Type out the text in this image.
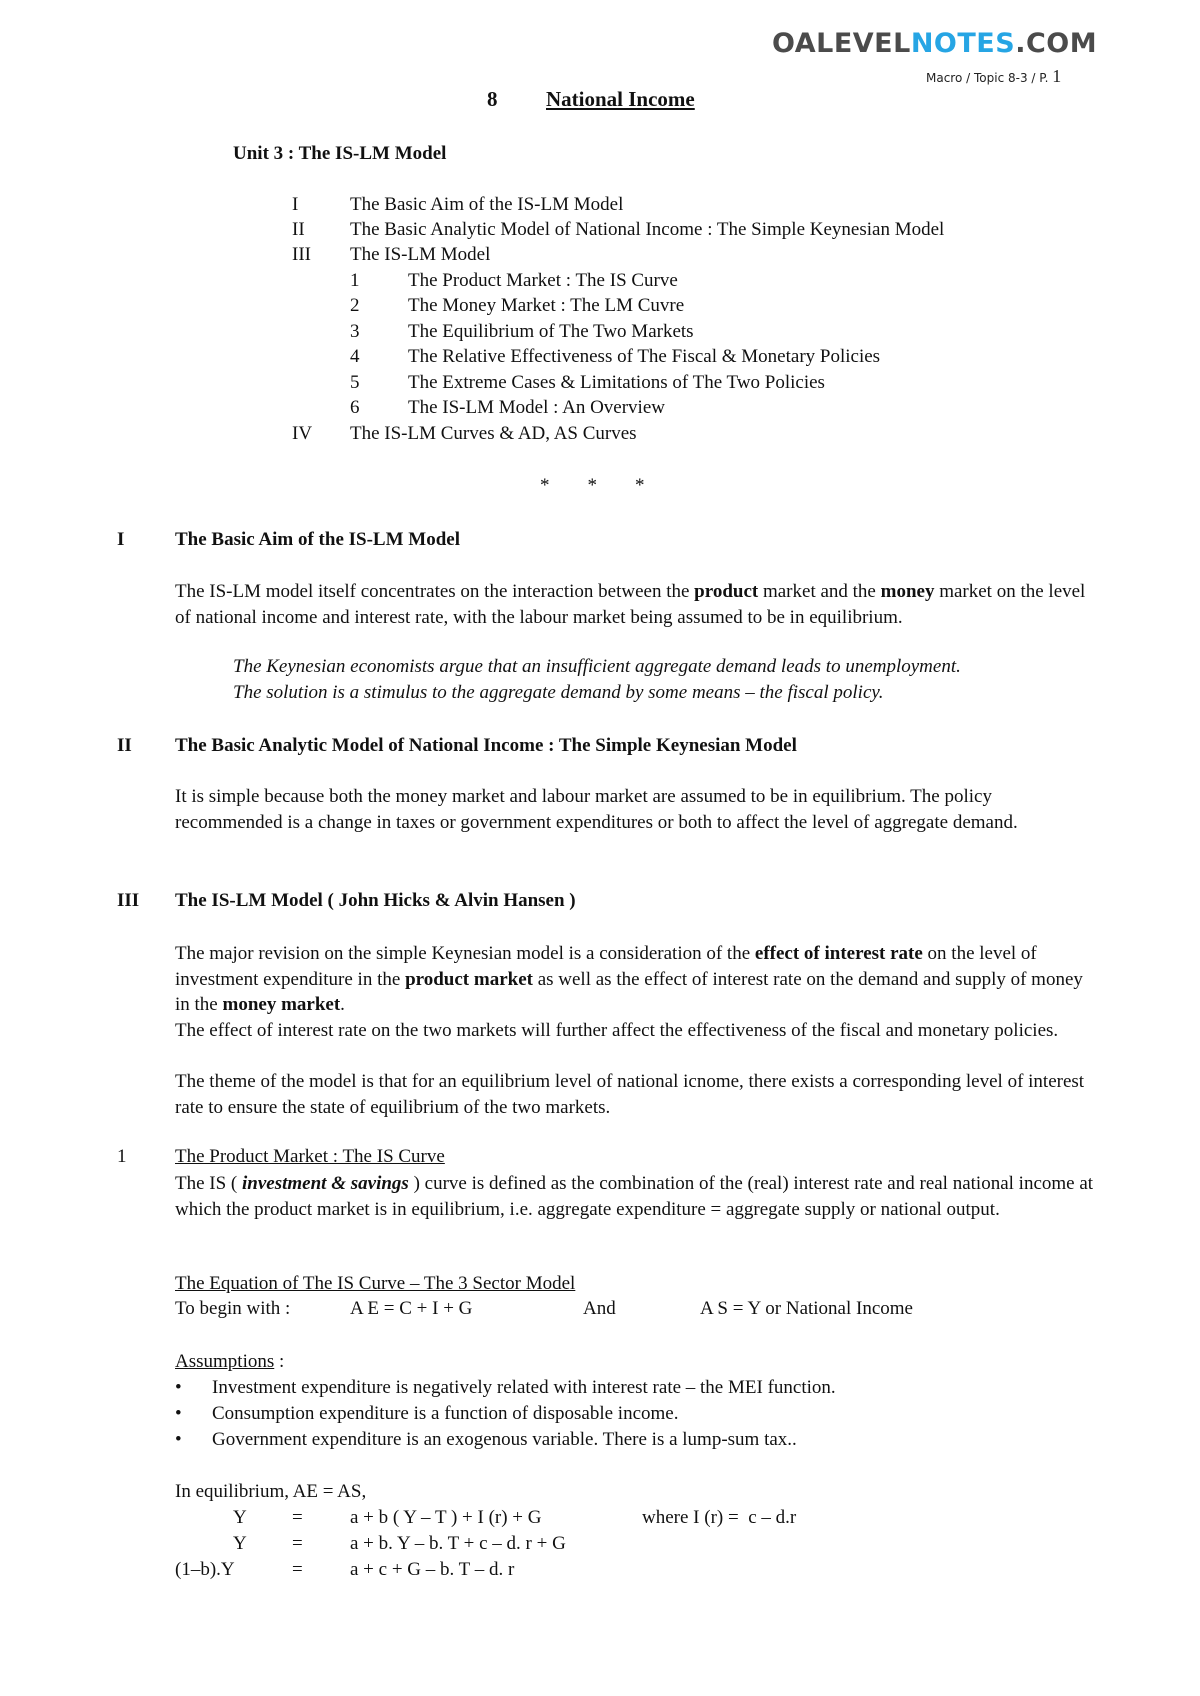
OALEVELNOTES.COM
Macro / Topic 8-3 / P. 1
8 National Income
Unit 3 : The IS-LM Model
I	The Basic Aim of the IS-LM Model
II The Basic Analytic Model of National Income : The Simple Keynesian Model
III The IS-LM Model
1	The Product Market : The IS Curve
2	The Money Market : The LM Cuvre
3	The Equilibrium of The Two Markets
4	The Relative Effectiveness of The Fiscal & Monetary Policies
5	The Extreme Cases & Limitations of The Two Policies
6	The IS-LM Model : An Overview
IV The IS-LM Curves & AD, AS Curves
*        *        *
I	The Basic Aim of the IS-LM Model
The IS-LM model itself concentrates on the interaction between the product market and the money market on the level of national income and interest rate, with the labour market being assumed to be in equilibrium.
The Keynesian economists argue that an insufficient aggregate demand leads to unemployment.
The solution is a stimulus to the aggregate demand by some means – the fiscal policy.
II The Basic Analytic Model of National Income : The Simple Keynesian Model
It is simple because both the money market and labour market are assumed to be in equilibrium. The policy recommended is a change in taxes or government expenditures or both to affect the level of aggregate demand.
III The IS-LM Model ( John Hicks & Alvin Hansen )
The major revision on the simple Keynesian model is a consideration of the effect of interest rate on the level of investment expenditure in the product market as well as the effect of interest rate on the demand and supply of money in the money market.
The effect of interest rate on the two markets will further affect the effectiveness of the fiscal and monetary policies.
The theme of the model is that for an equilibrium level of national icnome, there exists a corresponding level of interest rate to ensure the state of equilibrium of the two markets.
1	The Product Market : The IS Curve
The IS ( investment & savings ) curve is defined as the combination of the (real) interest rate and real national income at which the product market is in equilibrium, i.e. aggregate expenditure = aggregate supply or national output.
The Equation of The IS Curve – The 3 Sector Model
To begin with :	A E = C + I + G	And	A S = Y or National Income
Assumptions :
• Investment expenditure is negatively related with interest rate – the MEI function.
• Consumption expenditure is a function of disposable income.
• Government expenditure is an exogenous variable. There is a lump-sum tax..
In equilibrium, AE = AS,
Y = a + b ( Y – T ) + I (r) + G	where I (r) =  c – d.r
Y = a + b. Y – b. T + c – d. r + G
(1–b).Y	= a + c + G – b. T – d. r
